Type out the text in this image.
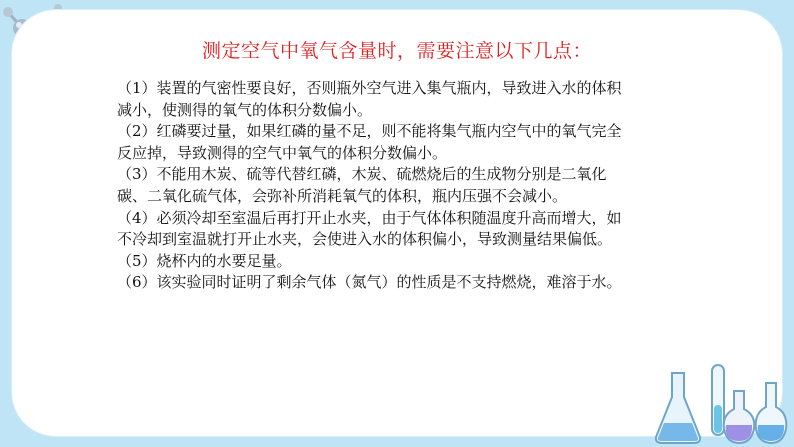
测定空气中氧气含量时，需要注意以下几点：

（1）装置的气密性要良好，否则瓶外空气进入集气瓶内，导致进入水的体积减小，使测得的氧气的体积分数偏小。

（2）红磷要过量，如果红磷的量不足，则不能将集气瓶内空气中的氧气完全反应掉，导致测得的空气中氧气的体积分数偏小。

（3）不能用木炭、硫等代替红磷，木炭、硫燃烧后的生成物分别是二氧化碳、二氧化硫气体，会弥补所消耗氧气的体积，瓶内压强不会减小。

（4）必须冷却至室温后再打开止水夹，由于气体体积随温度升高而增大，如不冷却到室温就打开止水夹，会使进入水的体积偏小，导致测量结果偏低。

（5）烧杯内的水要足量。

（6）该实验同时证明了剩余气体（氮气）的性质是不支持燃烧，难溶于水。
